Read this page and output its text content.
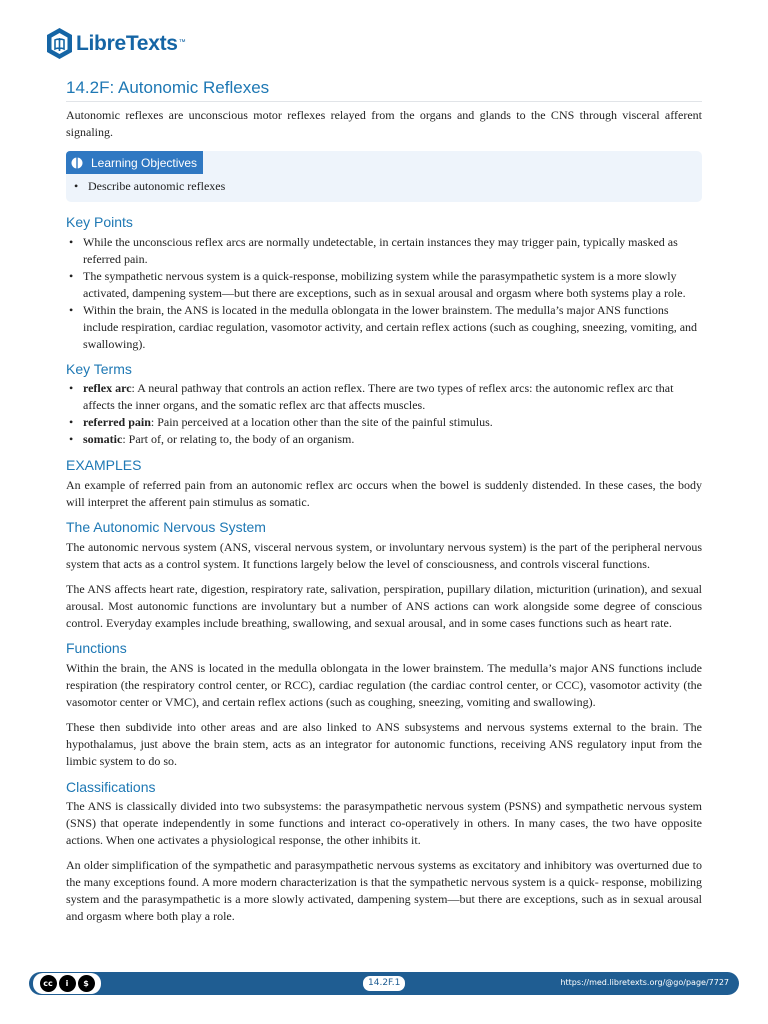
LibreTexts ™
14.2F: Autonomic Reflexes

Autonomic reflexes are unconscious motor reflexes relayed from the organs and glands to the CNS through visceral afferent signaling.

Learning Objectives
• Describe autonomic reflexes
Key Points
• While the unconscious reflex arcs are normally undetectable, in certain instances they may trigger pain, typically masked as referred pain.
• The sympathetic nervous system is a quick-response, mobilizing system while the parasympathetic system is a more slowly activated, dampening system—but there are exceptions, such as in sexual arousal and orgasm where both systems play a role.
• Within the brain, the ANS is located in the medulla oblongata in the lower brainstem. The medulla’s major ANS functions include respiration, cardiac regulation, vasomotor activity, and certain reflex actions (such as coughing, sneezing, vomiting, and swallowing).
Key Terms
• reflex arc: A neural pathway that controls an action reflex. There are two types of reflex arcs: the autonomic reflex arc that affects the inner organs, and the somatic reflex arc that affects muscles.
• referred pain: Pain perceived at a location other than the site of the painful stimulus.
• somatic: Part of, or relating to, the body of an organism.
EXAMPLES

An example of referred pain from an autonomic reflex arc occurs when the bowel is suddenly distended. In these cases, the body will interpret the afferent pain stimulus as somatic.

The Autonomic Nervous System

The autonomic nervous system (ANS, visceral nervous system, or involuntary nervous system) is the part of the peripheral nervous system that acts as a control system. It functions largely below the level of consciousness, and controls visceral functions.

The ANS affects heart rate, digestion, respiratory rate, salivation, perspiration, pupillary dilation, micturition (urination), and sexual arousal. Most autonomic functions are involuntary but a number of ANS actions can work alongside some degree of conscious control. Everyday examples include breathing, swallowing, and sexual arousal, and in some cases functions such as heart rate.

Functions

Within the brain, the ANS is located in the medulla oblongata in the lower brainstem. The medulla’s major ANS functions include respiration (the respiratory control center, or RCC), cardiac regulation (the cardiac control center, or CCC), vasomotor activity (the vasomotor center or VMC), and certain reflex actions (such as coughing, sneezing, vomiting and swallowing).

These then subdivide into other areas and are also linked to ANS subsystems and nervous systems external to the brain. The hypothalamus, just above the brain stem, acts as an integrator for autonomic functions, receiving ANS regulatory input from the limbic system to do so.

Classifications

The ANS is classically divided into two subsystems: the parasympathetic nervous system (PSNS) and sympathetic nervous system (SNS) that operate independently in some functions and interact co-operatively in others. In many cases, the two have opposite actions. When one activates a physiological response, the other inhibits it.

An older simplification of the sympathetic and parasympathetic nervous systems as excitatory and inhibitory was overturned due to the many exceptions found. A more modern characterization is that the sympathetic nervous system is a quick- response, mobilizing system and the parasympathetic is a more slowly activated, dampening system—but there are exceptions, such as in sexual arousal and orgasm where both play a role.

cc	i	$	14.2F.1	https://med.libretexts.org/@go/page/7727
